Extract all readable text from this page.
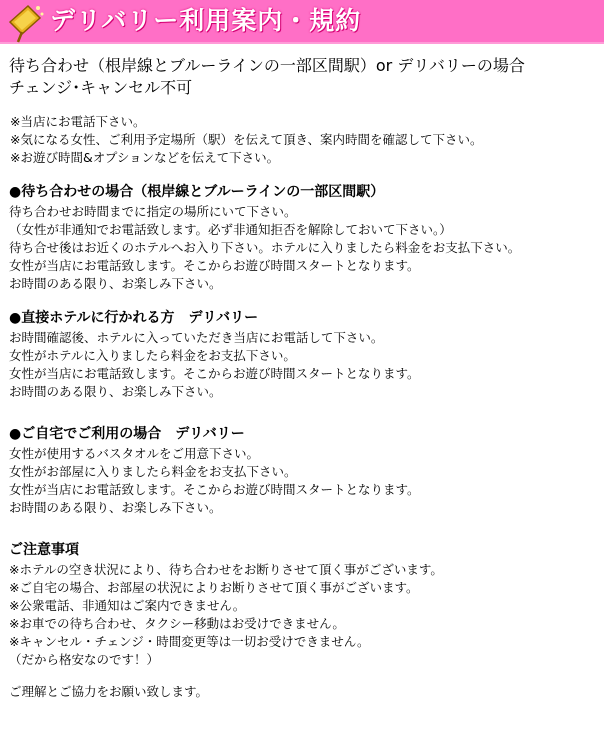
デリバリー利用案内・規約
待ち合わせ（根岸線とブルーラインの一部区間駅）or デリバリーの場合
チェンジ･キャンセル不可
※当店にお電話下さい。
※気になる女性、ご利用予定場所（駅）を伝えて頂き、案内時間を確認して下さい。
※お遊び時間&オプションなどを伝えて下さい。
●待ち合わせの場合（根岸線とブルーラインの一部区間駅）
待ち合わせお時間までに指定の場所にいて下さい。
（女性が非通知でお電話致します。必ず非通知拒否を解除しておいて下さい。）
待ち合せ後はお近くのホテルへお入り下さい。ホテルに入りましたら料金をお支払下さい。
女性が当店にお電話致します。そこからお遊び時間スタートとなります。
お時間のある限り、お楽しみ下さい。
●直接ホテルに行かれる方　デリバリー
お時間確認後、ホテルに入っていただき当店にお電話して下さい。
女性がホテルに入りましたら料金をお支払下さい。
女性が当店にお電話致します。そこからお遊び時間スタートとなります。
お時間のある限り、お楽しみ下さい。
●ご自宅でご利用の場合　デリバリー
女性が使用するバスタオルをご用意下さい。
女性がお部屋に入りましたら料金をお支払下さい。
女性が当店にお電話致します。そこからお遊び時間スタートとなります。
お時間のある限り、お楽しみ下さい。
ご注意事項
※ホテルの空き状況により、待ち合わせをお断りさせて頂く事がございます。
※ご自宅の場合、お部屋の状況によりお断りさせて頂く事がございます。
※公衆電話、非通知はご案内できません。
※お車での待ち合わせ、タクシー移動はお受けできません。
※キャンセル・チェンジ・時間変更等は一切お受けできません。
（だから格安なのです！）
ご理解とご協力をお願い致します。
